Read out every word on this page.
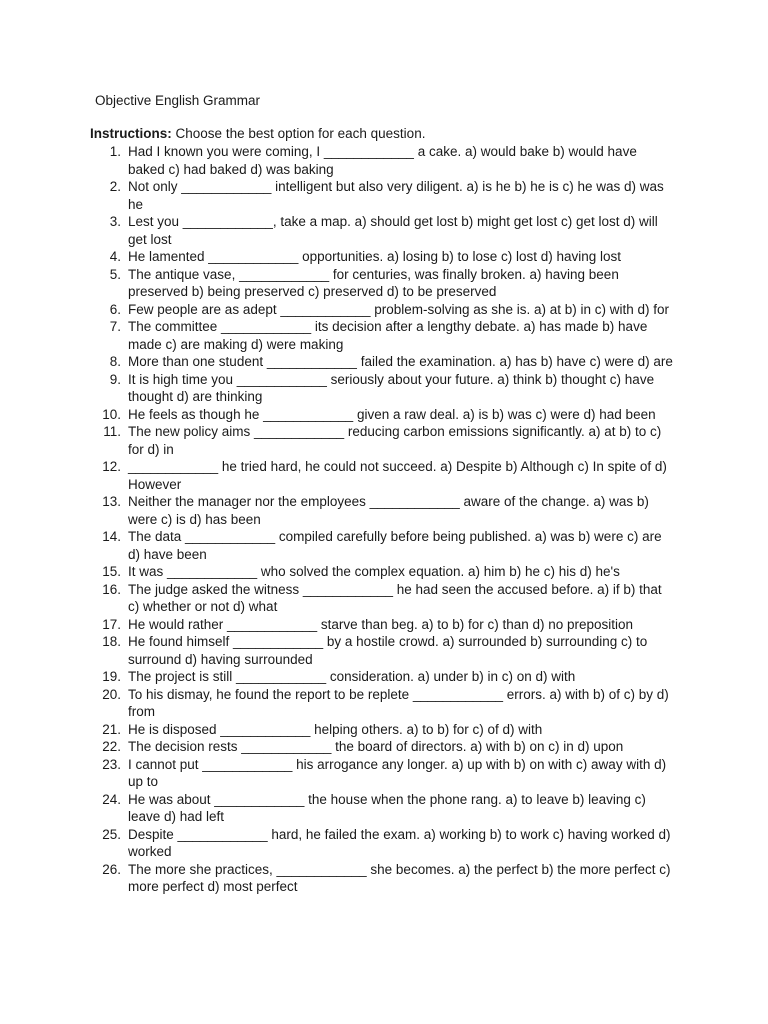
Objective English Grammar
Instructions: Choose the best option for each question.
1. Had I known you were coming, I ____________ a cake. a) would bake b) would have baked c) had baked d) was baking
2. Not only ____________ intelligent but also very diligent. a) is he b) he is c) he was d) was he
3. Lest you ____________, take a map. a) should get lost b) might get lost c) get lost d) will get lost
4. He lamented ____________ opportunities. a) losing b) to lose c) lost d) having lost
5. The antique vase, ____________ for centuries, was finally broken. a) having been preserved b) being preserved c) preserved d) to be preserved
6. Few people are as adept ____________ problem-solving as she is. a) at b) in c) with d) for
7. The committee ____________ its decision after a lengthy debate. a) has made b) have made c) are making d) were making
8. More than one student ____________ failed the examination. a) has b) have c) were d) are
9. It is high time you ____________ seriously about your future. a) think b) thought c) have thought d) are thinking
10. He feels as though he ____________ given a raw deal. a) is b) was c) were d) had been
11. The new policy aims ____________ reducing carbon emissions significantly. a) at b) to c) for d) in
12. ____________ he tried hard, he could not succeed. a) Despite b) Although c) In spite of d) However
13. Neither the manager nor the employees ____________ aware of the change. a) was b) were c) is d) has been
14. The data ____________ compiled carefully before being published. a) was b) were c) are d) have been
15. It was ____________ who solved the complex equation. a) him b) he c) his d) he's
16. The judge asked the witness ____________ he had seen the accused before. a) if b) that c) whether or not d) what
17. He would rather ____________ starve than beg. a) to b) for c) than d) no preposition
18. He found himself ____________ by a hostile crowd. a) surrounded b) surrounding c) to surround d) having surrounded
19. The project is still ____________ consideration. a) under b) in c) on d) with
20. To his dismay, he found the report to be replete ____________ errors. a) with b) of c) by d) from
21. He is disposed ____________ helping others. a) to b) for c) of d) with
22. The decision rests ____________ the board of directors. a) with b) on c) in d) upon
23. I cannot put ____________ his arrogance any longer. a) up with b) on with c) away with d) up to
24. He was about ____________ the house when the phone rang. a) to leave b) leaving c) leave d) had left
25. Despite ____________ hard, he failed the exam. a) working b) to work c) having worked d) worked
26. The more she practices, ____________ she becomes. a) the perfect b) the more perfect c) more perfect d) most perfect
